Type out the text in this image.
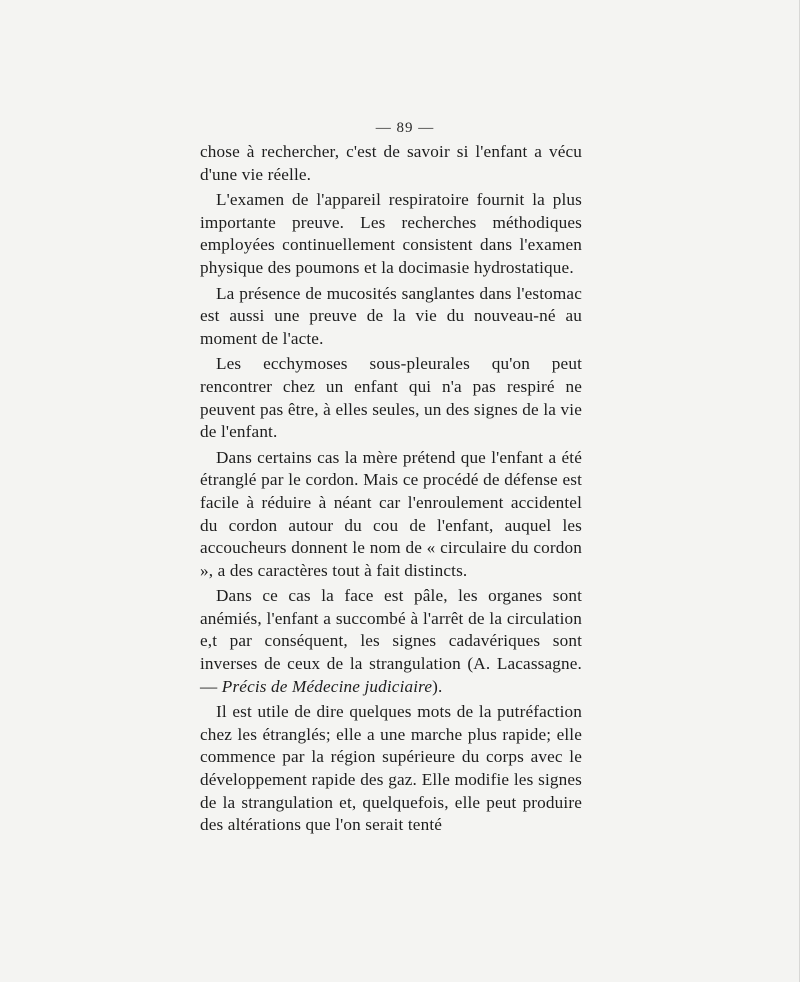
— 89 —

chose à rechercher, c'est de savoir si l'enfant a vécu d'une vie réelle.

L'examen de l'appareil respiratoire fournit la plus importante preuve. Les recherches méthodiques employées continuellement consistent dans l'examen physique des poumons et la docimasie hydrostatique.

La présence de mucosités sanglantes dans l'estomac est aussi une preuve de la vie du nouveau-né au moment de l'acte.

Les ecchymoses sous-pleurales qu'on peut rencontrer chez un enfant qui n'a pas respiré ne peuvent pas être, à elles seules, un des signes de la vie de l'enfant.

Dans certains cas la mère prétend que l'enfant a été étranglé par le cordon. Mais ce procédé de défense est facile à réduire à néant car l'enroulement accidentel du cordon autour du cou de l'enfant, auquel les accoucheurs donnent le nom de « circulaire du cordon », a des caractères tout à fait distincts.

Dans ce cas la face est pâle, les organes sont anémiés, l'enfant a succombé à l'arrêt de la circulation e,t par conséquent, les signes cadavériques sont inverses de ceux de la strangulation (A. Lacassagne. — Précis de Médecine judiciaire).

Il est utile de dire quelques mots de la putréfaction chez les étranglés; elle a une marche plus rapide; elle commence par la région supérieure du corps avec le développement rapide des gaz. Elle modifie les signes de la strangulation et, quelquefois, elle peut produire des altérations que l'on serait tenté
